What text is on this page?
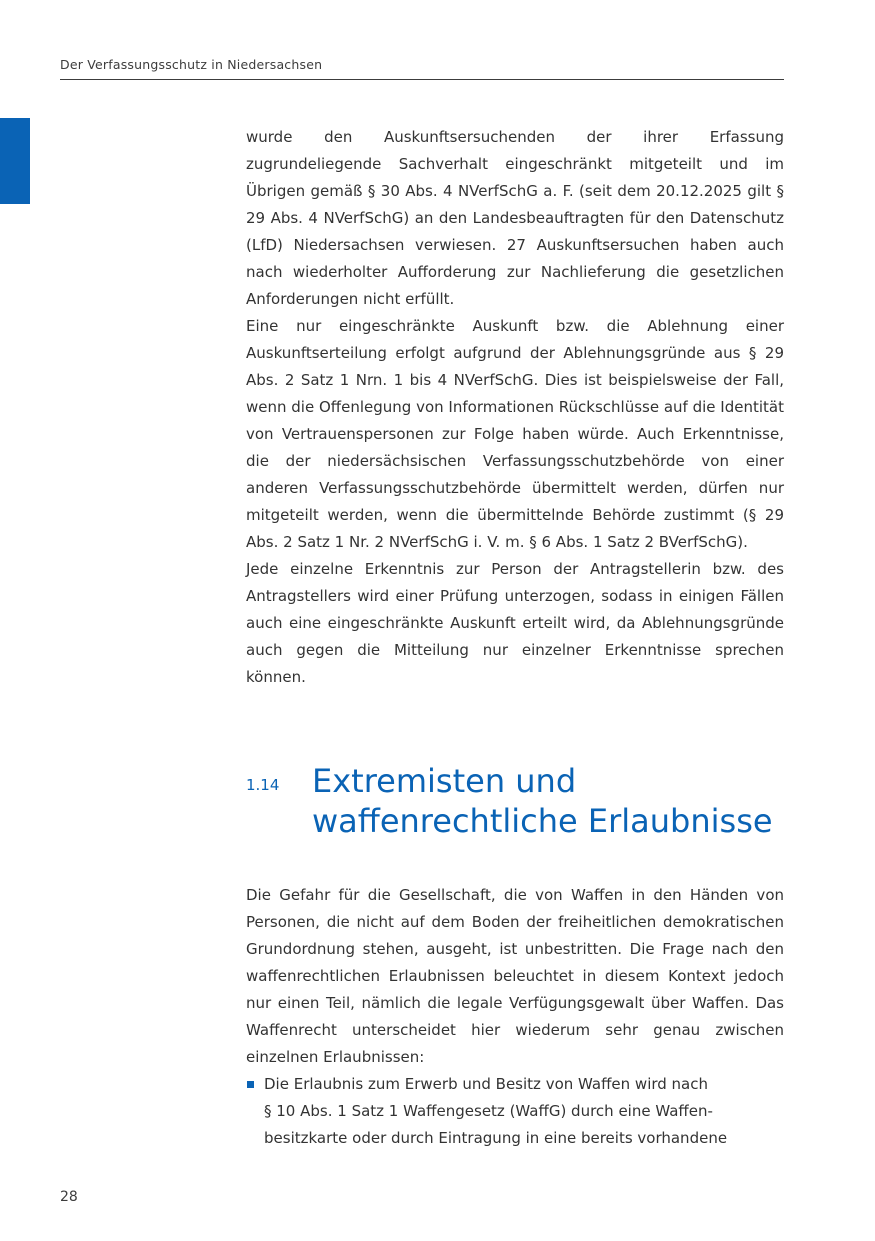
Der Verfassungsschutz in Niedersachsen

wurde den Auskunftsersuchenden der ihrer Erfassung zugrundeliegende Sachverhalt eingeschränkt mitgeteilt und im Übrigen gemäß § 30 Abs. 4 NVerfSchG a. F. (seit dem 20.12.2025 gilt § 29 Abs. 4 NVerfSchG) an den Landesbeauftragten für den Datenschutz (LfD) Niedersachsen verwiesen. 27 Auskunftsersuchen haben auch nach wiederholter Aufforderung zur Nachlieferung die gesetzlichen Anforderungen nicht erfüllt.

Eine nur eingeschränkte Auskunft bzw. die Ablehnung einer Auskunftserteilung erfolgt aufgrund der Ablehnungsgründe aus § 29 Abs. 2 Satz 1 Nrn. 1 bis 4 NVerfSchG. Dies ist beispielsweise der Fall, wenn die Offenlegung von Informationen Rückschlüsse auf die Identität von Vertrauenspersonen zur Folge haben würde. Auch Erkenntnisse, die der niedersächsischen Verfassungsschutzbehörde von einer anderen Verfassungsschutzbehörde übermittelt werden, dürfen nur mitgeteilt werden, wenn die übermittelnde Behörde zustimmt (§ 29 Abs. 2 Satz 1 Nr. 2 NVerfSchG i. V. m. § 6 Abs. 1 Satz 2 BVerfSchG).

Jede einzelne Erkenntnis zur Person der Antragstellerin bzw. des Antragstellers wird einer Prüfung unterzogen, sodass in einigen Fällen auch eine eingeschränkte Auskunft erteilt wird, da Ablehnungsgründe auch gegen die Mitteilung nur einzelner Erkenntnisse sprechen können.

1.14 Extremisten und
waffenrechtliche Erlaubnisse

Die Gefahr für die Gesellschaft, die von Waffen in den Händen von Personen, die nicht auf dem Boden der freiheitlichen demokratischen Grundordnung stehen, ausgeht, ist unbestritten. Die Frage nach den waffenrechtlichen Erlaubnissen beleuchtet in diesem Kontext jedoch nur einen Teil, nämlich die legale Verfügungsgewalt über Waffen. Das Waffenrecht unterscheidet hier wiederum sehr genau zwischen einzelnen Erlaubnissen:

Die Erlaubnis zum Erwerb und Besitz von Waffen wird nach
§ 10 Abs. 1 Satz 1 Waffengesetz (WaffG) durch eine Waffen-
besitzkarte oder durch Eintragung in eine bereits vorhandene
28
